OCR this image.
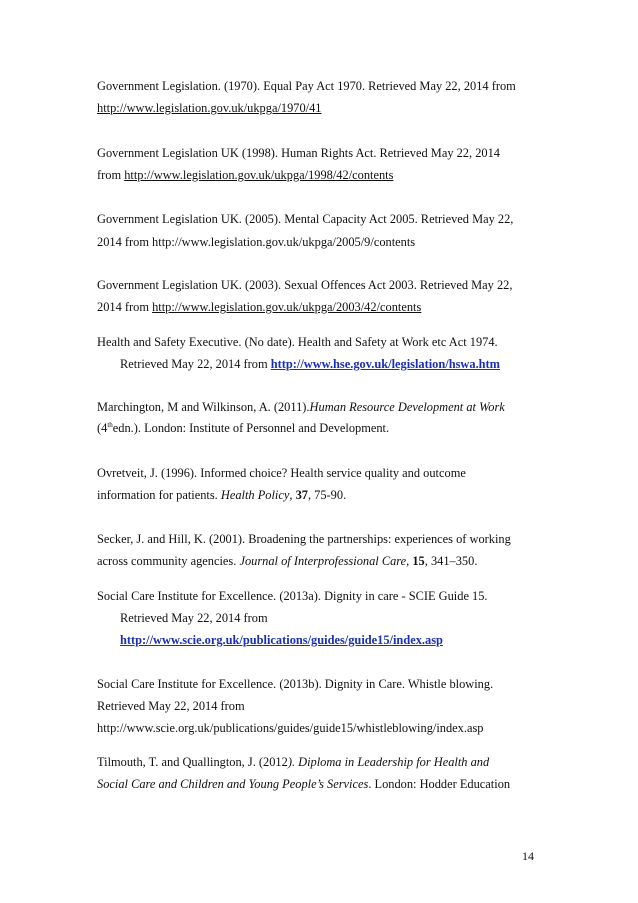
Government Legislation. (1970). Equal Pay Act 1970. Retrieved May 22, 2014 from
http://www.legislation.gov.uk/ukpga/1970/41
Government Legislation UK (1998). Human Rights Act. Retrieved May 22, 2014
from http://www.legislation.gov.uk/ukpga/1998/42/contents
Government Legislation UK. (2005). Mental Capacity Act 2005. Retrieved May 22,
2014 from http://www.legislation.gov.uk/ukpga/2005/9/contents
Government Legislation UK. (2003). Sexual Offences Act 2003. Retrieved May 22,
2014 from http://www.legislation.gov.uk/ukpga/2003/42/contents
Health and Safety Executive. (No date). Health and Safety at Work etc Act 1974.
Retrieved May 22, 2014 from http://www.hse.gov.uk/legislation/hswa.htm
Marchington, M and Wilkinson, A. (2011).Human Resource Development at Work
(4thedn.). London: Institute of Personnel and Development.
Ovretveit, J. (1996). Informed choice? Health service quality and outcome
information for patients. Health Policy, 37, 75-90.
Secker, J. and Hill, K. (2001). Broadening the partnerships: experiences of working
across community agencies. Journal of Interprofessional Care, 15, 341–350.
Social Care Institute for Excellence. (2013a). Dignity in care - SCIE Guide 15.
Retrieved May 22, 2014 from
http://www.scie.org.uk/publications/guides/guide15/index.asp
Social Care Institute for Excellence. (2013b). Dignity in Care. Whistle blowing.
Retrieved May 22, 2014 from
http://www.scie.org.uk/publications/guides/guide15/whistleblowing/index.asp
Tilmouth, T. and Quallington, J. (2012). Diploma in Leadership for Health and
Social Care and Children and Young People’s Services. London: Hodder Education
14
